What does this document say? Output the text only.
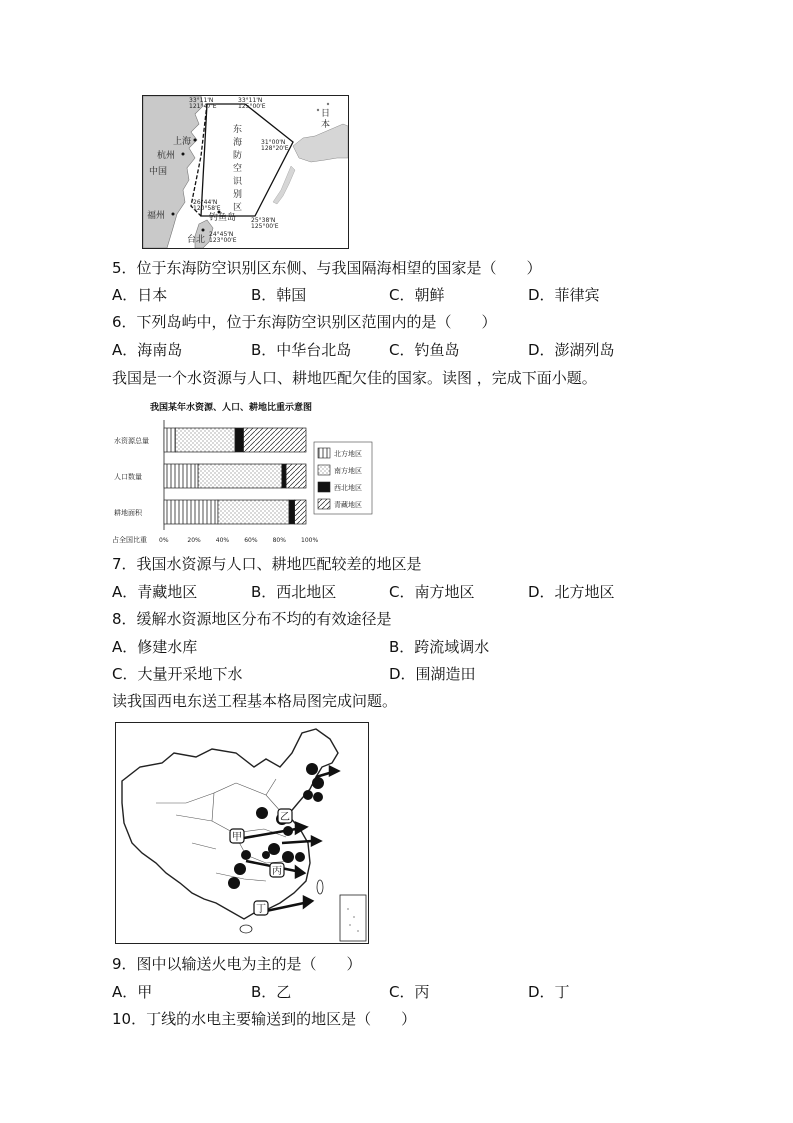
33°11'N
121°47'E
33°11'N
125°00'E
31°00'N
128°20'E
26°44'N
120°58'E
25°38'N
125°00'E
24°45'N
123°00'E
上海
杭州
中国
福州
台北
钓鱼岛
日
本
东
海
防
空
识
别
区
5．位于东海防空识别区东侧、与我国隔海相望的国家是（　　）
A．日本	B．韩国	C．朝鲜	D．菲律宾
6．下列岛屿中，位于东海防空识别区范围内的是（　　）
A．海南岛	B．中华台北岛	C．钓鱼岛	D．澎湖列岛
我国是一个水资源与人口、耕地匹配欠佳的国家。读图 ，完成下面小题。
我国某年水资源、人口、耕地比重示意图
水资源总量
人口数量
耕地面积
0%	20%	40%	60%	80%	100%
占全国比重
北方地区
南方地区
西北地区
青藏地区
7．我国水资源与人口、耕地匹配较差的地区是
A．青藏地区	B．西北地区	C．南方地区	D．北方地区
8．缓解水资源地区分布不均的有效途径是
A．修建水库	B．跨流域调水
C．大量开采地下水	D．围湖造田
读我国西电东送工程基本格局图完成问题。
甲
乙
丙
丁
9．图中以输送火电为主的是（　　）
A．甲	B．乙	C．丙	D．丁
10．丁线的水电主要输送到的地区是（　　）
